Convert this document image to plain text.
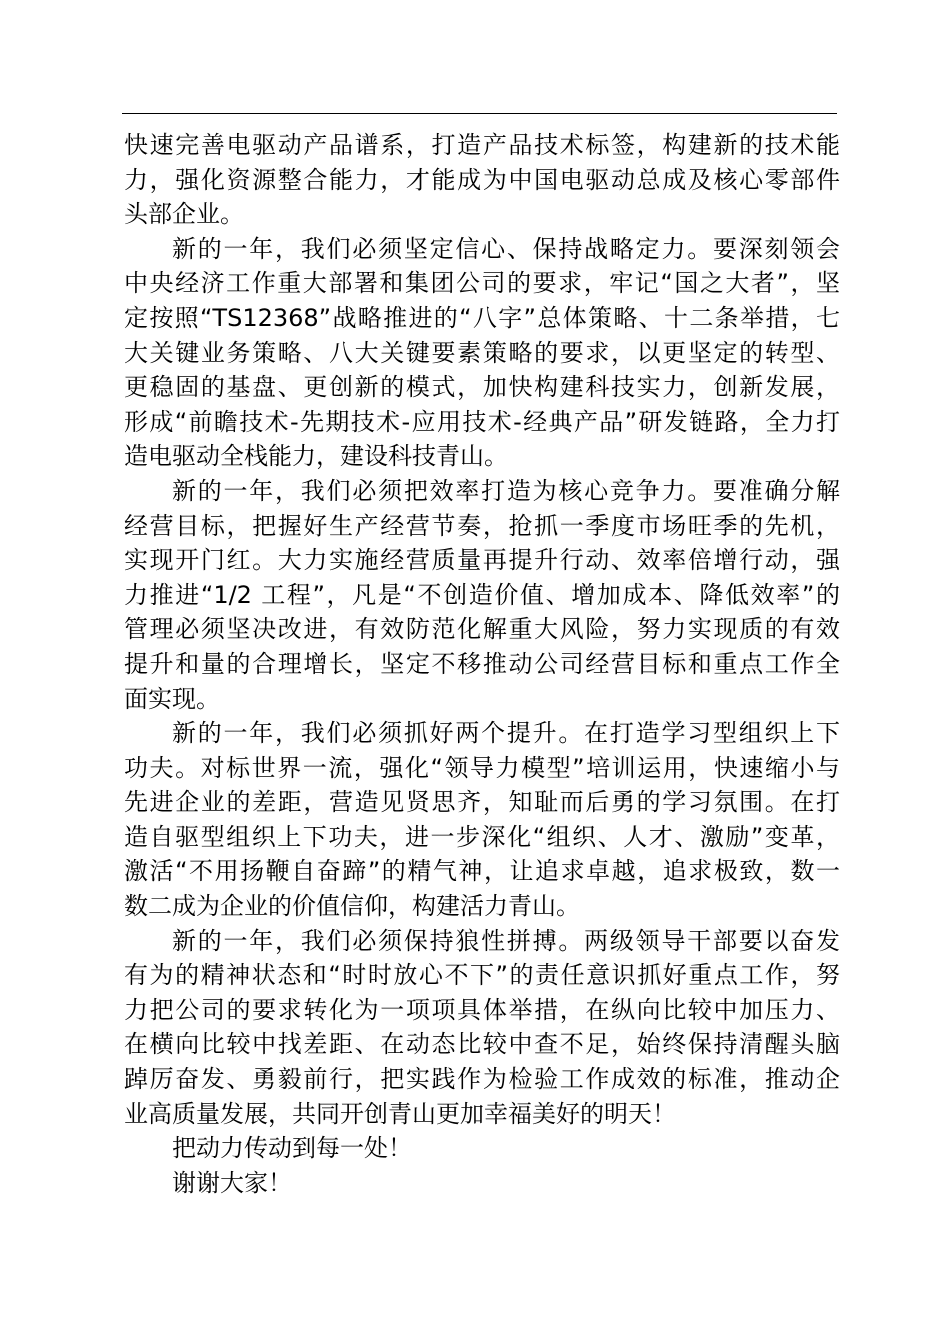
快速完善电驱动产品谱系，打造产品技术标签，构建新的技术能
力，强化资源整合能力，才能成为中国电驱动总成及核心零部件
头部企业。
新的一年，我们必须坚定信心、保持战略定力。要深刻领会
中央经济工作重大部署和集团公司的要求，牢记“国之大者”，坚
定按照“TS12368”战略推进的“八字”总体策略、十二条举措，七
大关键业务策略、八大关键要素策略的要求，以更坚定的转型、
更稳固的基盘、更创新的模式，加快构建科技实力，创新发展，
形成“前瞻技术-先期技术-应用技术-经典产品”研发链路，全力打
造电驱动全栈能力，建设科技青山。
新的一年，我们必须把效率打造为核心竞争力。要准确分解
经营目标，把握好生产经营节奏，抢抓一季度市场旺季的先机，
实现开门红。大力实施经营质量再提升行动、效率倍增行动，强
力推进“1/2 工程”，凡是“不创造价值、增加成本、降低效率”的
管理必须坚决改进，有效防范化解重大风险，努力实现质的有效
提升和量的合理增长，坚定不移推动公司经营目标和重点工作全
面实现。
新的一年，我们必须抓好两个提升。在打造学习型组织上下
功夫。对标世界一流，强化“领导力模型”培训运用，快速缩小与
先进企业的差距，营造见贤思齐，知耻而后勇的学习氛围。在打
造自驱型组织上下功夫，进一步深化“组织、人才、激励”变革，
激活“不用扬鞭自奋蹄”的精气神，让追求卓越，追求极致，数一
数二成为企业的价值信仰，构建活力青山。
新的一年，我们必须保持狼性拼搏。两级领导干部要以奋发
有为的精神状态和“时时放心不下”的责任意识抓好重点工作，努
力把公司的要求转化为一项项具体举措，在纵向比较中加压力、
在横向比较中找差距、在动态比较中查不足，始终保持清醒头脑
踔厉奋发、勇毅前行，把实践作为检验工作成效的标准，推动企
业高质量发展，共同开创青山更加幸福美好的明天！
把动力传动到每一处！
谢谢大家！
